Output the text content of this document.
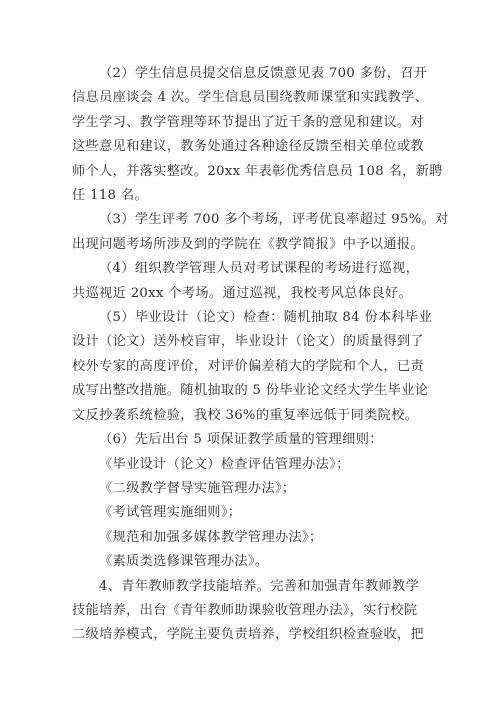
（2）学生信息员提交信息反馈意见表 700 多份，召开
信息员座谈会 4 次。学生信息员围绕教师课堂和实践教学、
学生学习、教学管理等环节提出了近千条的意见和建议。对
这些意见和建议，教务处通过各种途径反馈至相关单位或教
师个人，并落实整改。20xx 年表彰优秀信息员 108 名，新聘
任 118 名。
（3）学生评考 700 多个考场，评考优良率超过 95%。对
出现问题考场所涉及到的学院在《教学简报》中予以通报。
（4）组织教学管理人员对考试课程的考场进行巡视，
共巡视近 20xx 个考场。通过巡视，我校考风总体良好。
（5）毕业设计（论文）检查：随机抽取 84 份本科毕业
设计（论文）送外校盲审，毕业设计（论文）的质量得到了
校外专家的高度评价，对评价偏差稍大的学院和个人，已责
成写出整改措施。随机抽取的 5 份毕业论文经大学生毕业论
文反抄袭系统检验，我校 36%的重复率远低于同类院校。
（6）先后出台 5 项保证教学质量的管理细则：
《毕业设计（论文）检查评估管理办法》；
《二级教学督导实施管理办法》；
《考试管理实施细则》；
《规范和加强多媒体教学管理办法》；
《素质类选修课管理办法》。
4、青年教师教学技能培养。完善和加强青年教师教学
技能培养，出台《青年教师助课验收管理办法》，实行校院
二级培养模式，学院主要负责培养，学校组织检查验收，把
